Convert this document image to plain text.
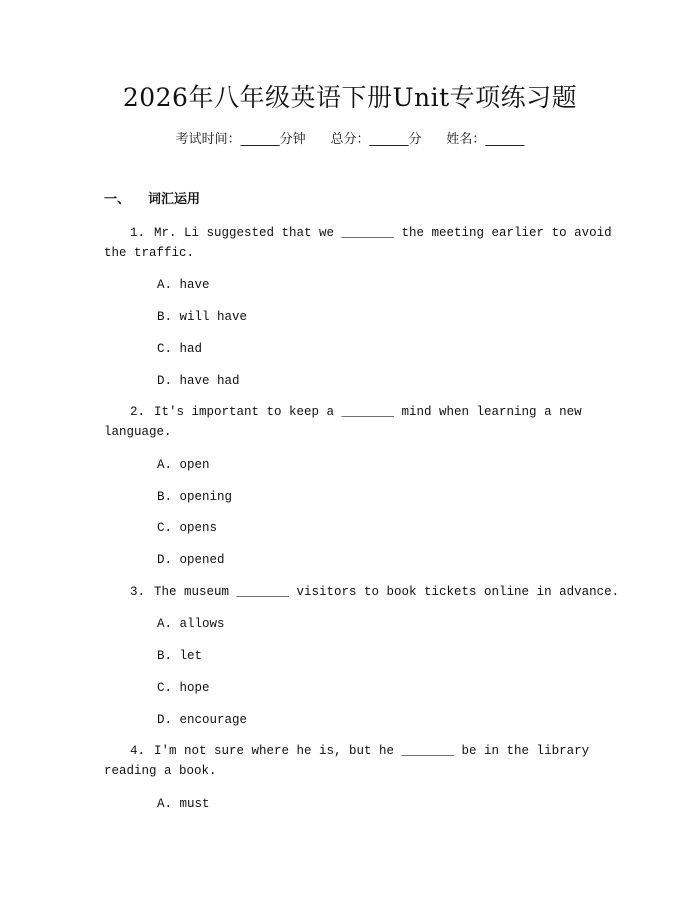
2026年八年级英语下册Unit专项练习题
考试时间：______分钟 总分：______分 姓名：______
一、 词汇运用
1. Mr. Li suggested that we _______ the meeting earlier to avoid
the traffic.
A. have
B. will have
C. had
D. have had
2. It's important to keep a _______ mind when learning a new
language.
A. open
B. opening
C. opens
D. opened
3. The museum _______ visitors to book tickets online in advance.
A. allows
B. let
C. hope
D. encourage
4. I'm not sure where he is, but he _______ be in the library
reading a book.
A. must
